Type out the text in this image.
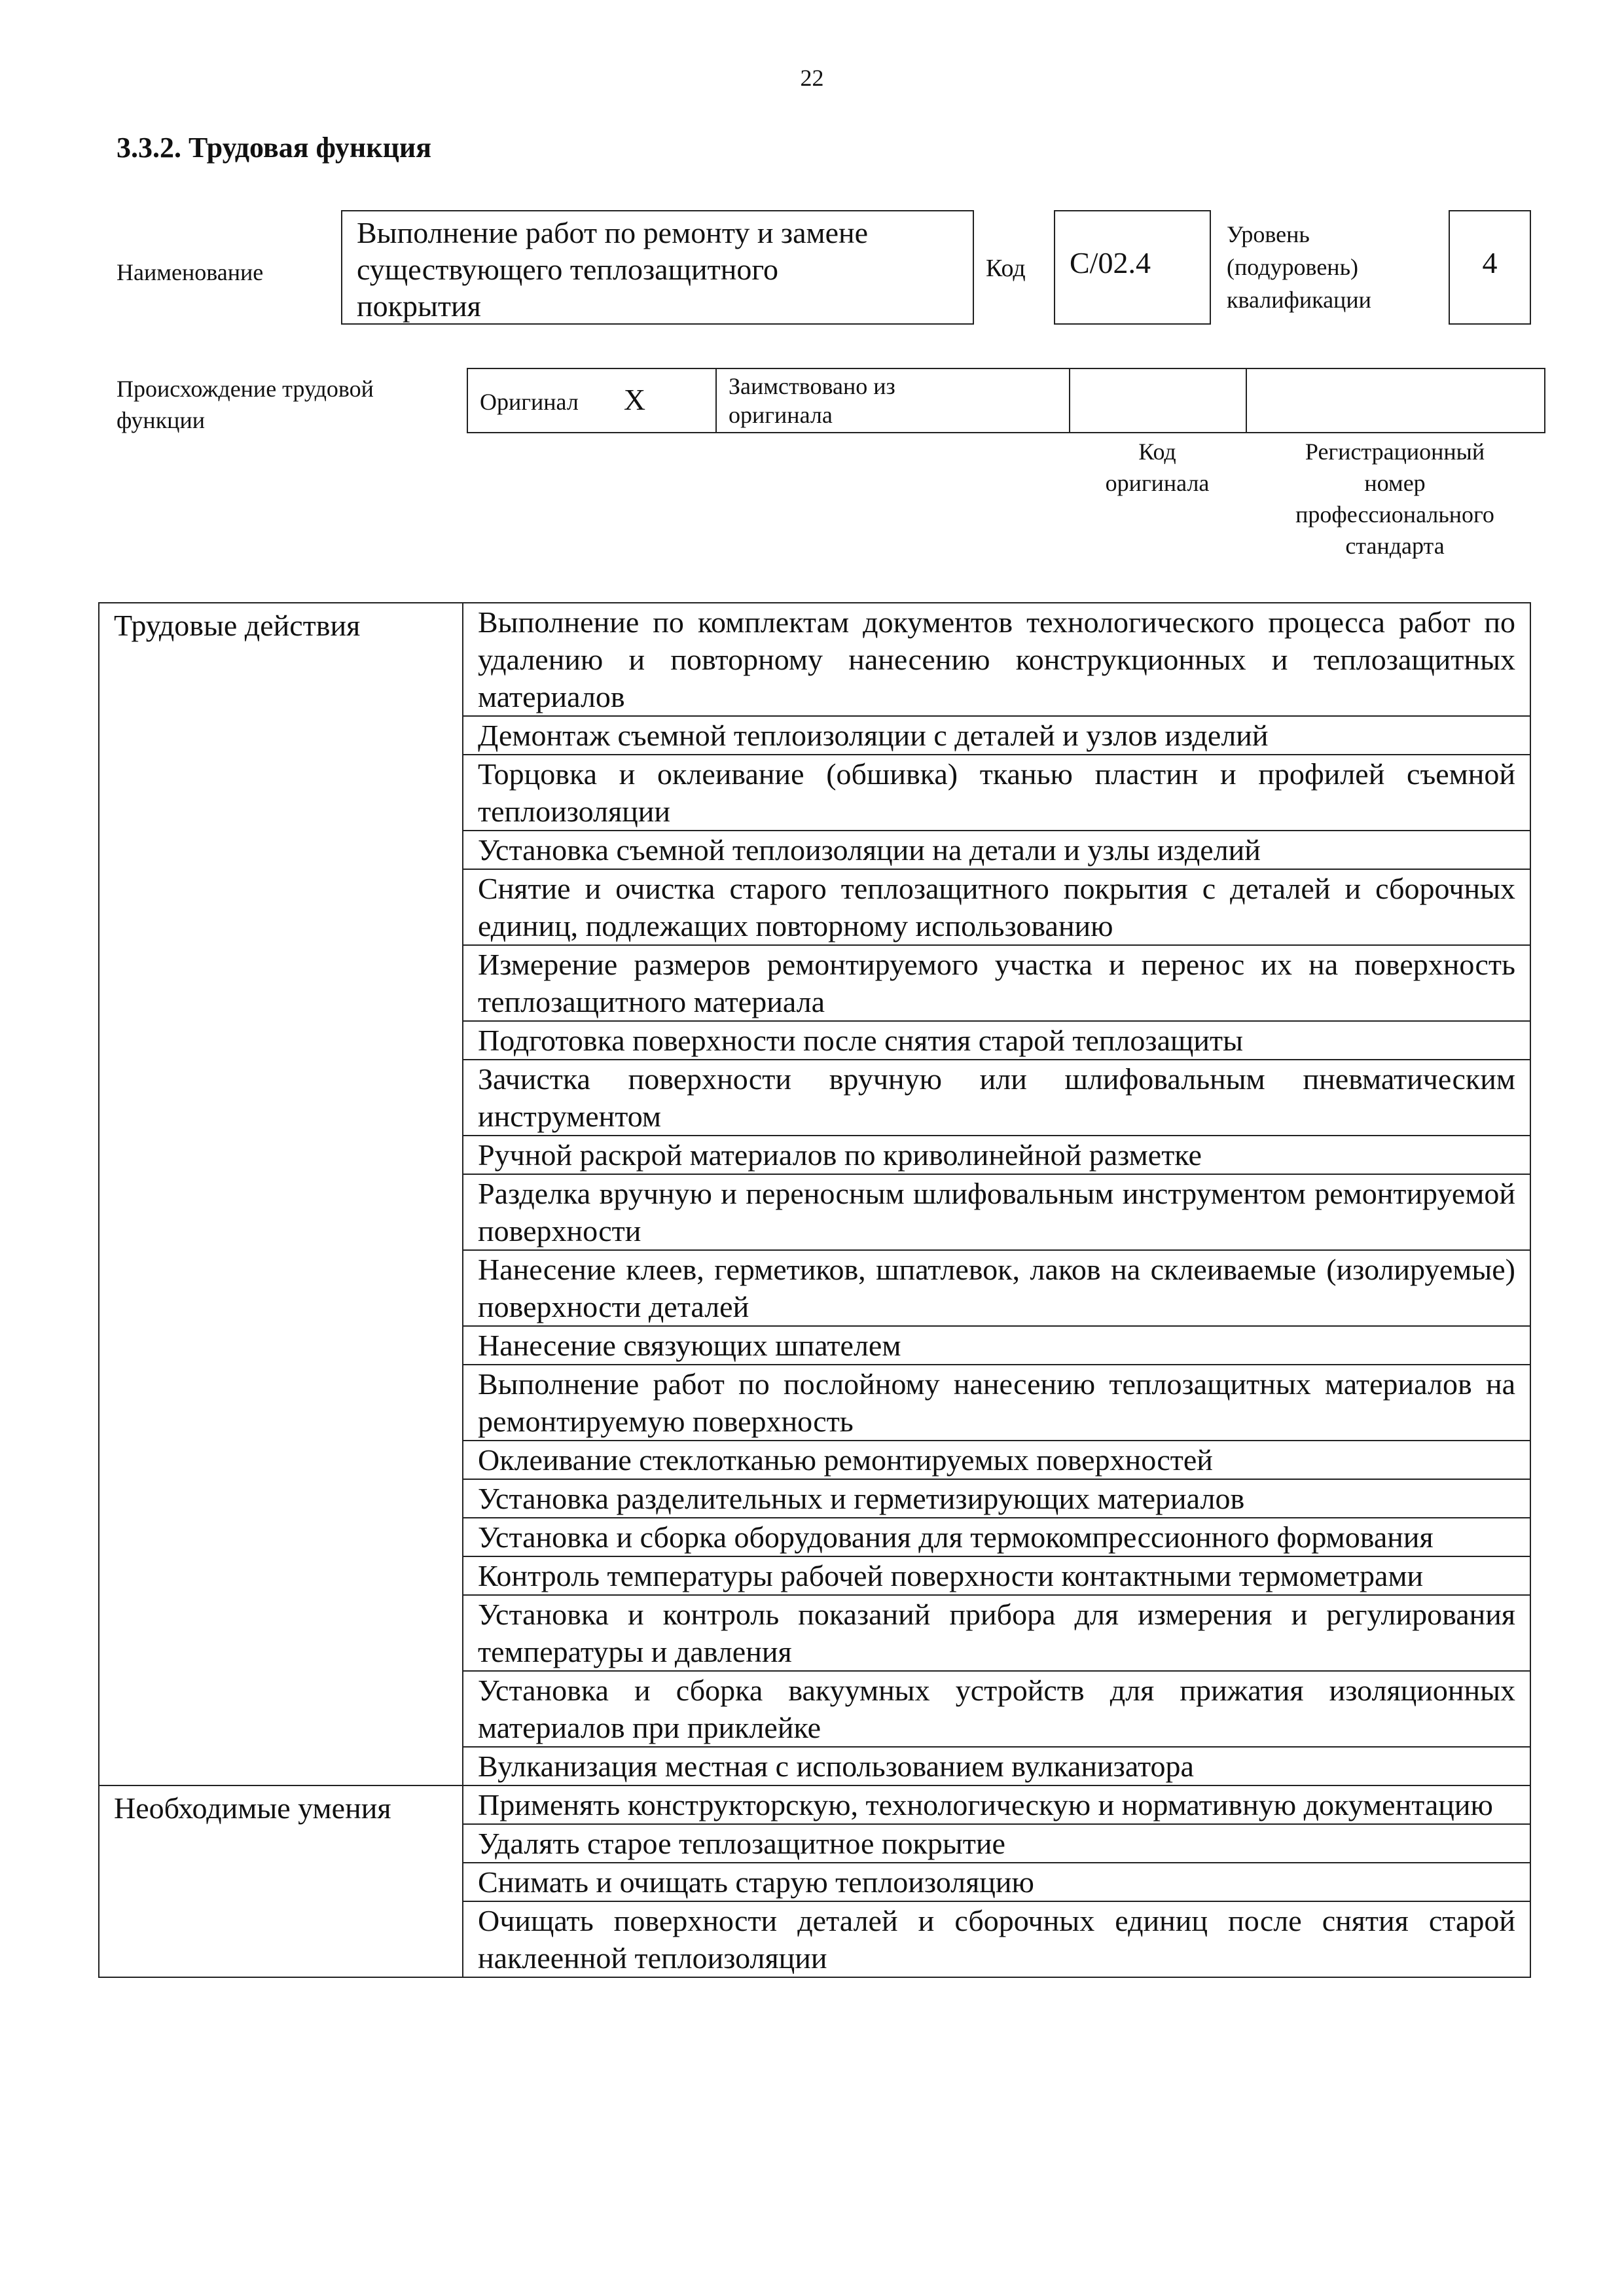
22
3.3.2. Трудовая функция
Наименование
Выполнение работ по ремонту и замене
существующего теплозащитного
покрытия
Код	С/02.4
Уровень
(подуровень)
квалификации
4
Происхождение трудовой
функции
Оригинал Х	Заимствовано из
оригинала

Код
оригинала
Регистрационный
номер
профессионального
стандарта
Трудовые действия	Выполнение по комплектам документов технологического процесса работ по удалению и повторному нанесению конструкционных и теплозащитных материалов
	Демонтаж съемной теплоизоляции с деталей и узлов изделий
	Торцовка и оклеивание (обшивка) тканью пластин и профилей съемной теплоизоляции
	Установка съемной теплоизоляции на детали и узлы изделий
	Снятие и очистка старого теплозащитного покрытия с деталей и сборочных единиц, подлежащих повторному использованию
	Измерение размеров ремонтируемого участка и перенос их на поверхность теплозащитного материала
	Подготовка поверхности после снятия старой теплозащиты
	Зачистка поверхности вручную или шлифовальным пневматическим инструментом
	Ручной раскрой материалов по криволинейной разметке
	Разделка вручную и переносным шлифовальным инструментом ремонтируемой поверхности
	Нанесение клеев, герметиков, шпатлевок, лаков на склеиваемые (изолируемые) поверхности деталей
	Нанесение связующих шпателем
	Выполнение работ по послойному нанесению теплозащитных материалов на ремонтируемую поверхность
	Оклеивание стеклотканью ремонтируемых поверхностей
	Установка разделительных и герметизирующих материалов
	Установка и сборка оборудования для термокомпрессионного формования
	Контроль температуры рабочей поверхности контактными термометрами
	Установка и контроль показаний прибора для измерения и регулирования температуры и давления
	Установка и сборка вакуумных устройств для прижатия изоляционных материалов при приклейке
	Вулканизация местная с использованием вулканизатора
Необходимые умения	Применять конструкторскую, технологическую и нормативную документацию
	Удалять старое теплозащитное покрытие
	Снимать и очищать старую теплоизоляцию
	Очищать поверхности деталей и сборочных единиц после снятия старой наклеенной теплоизоляции
